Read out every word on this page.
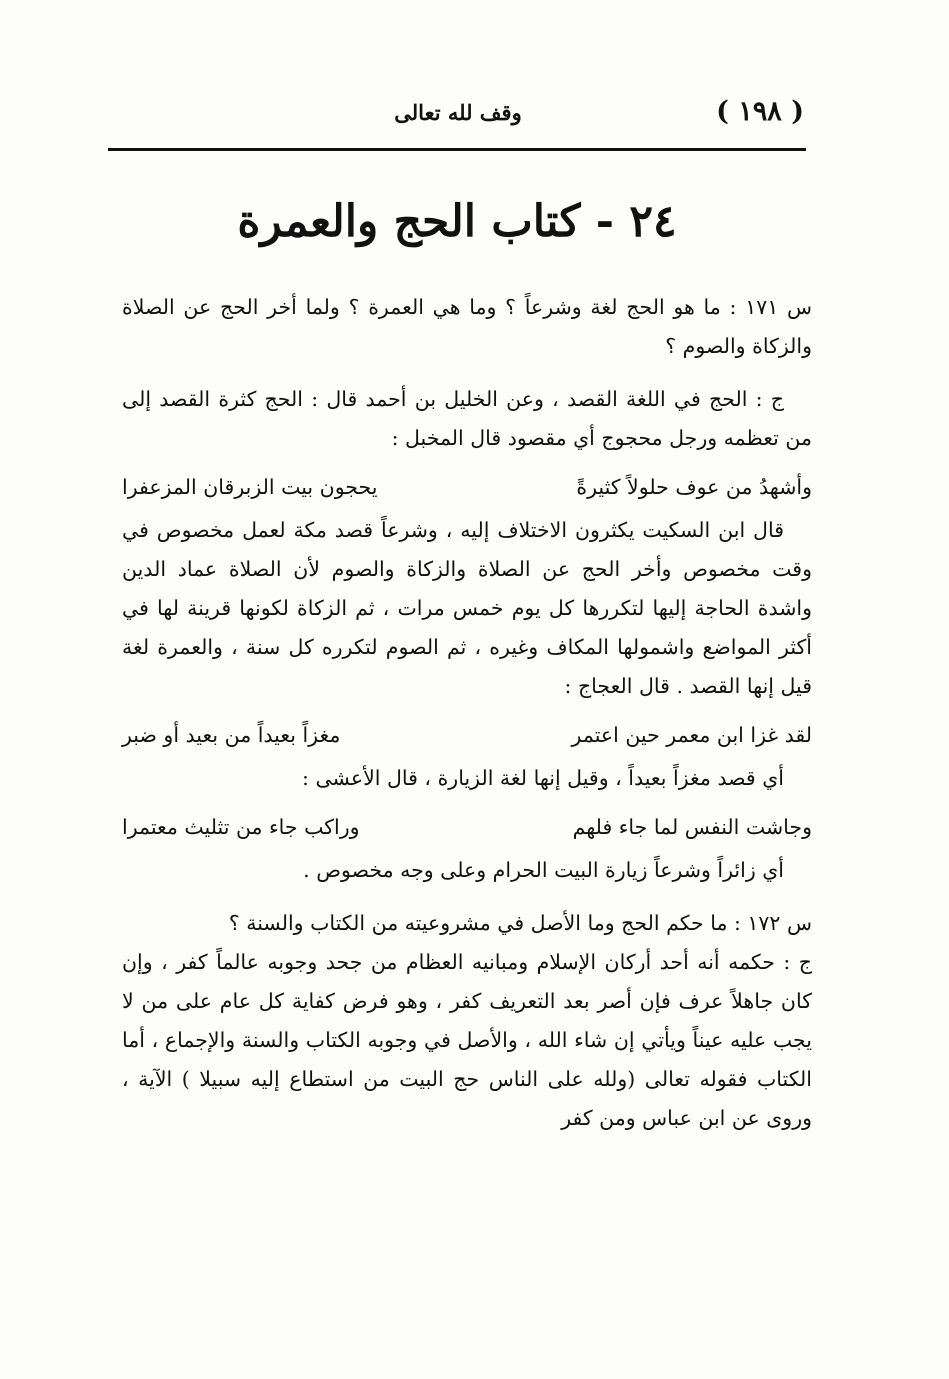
( ١٩٨ )
وقف لله تعالى
٢٤ - كتاب الحج والعمرة

س ١٧١ : ما هو الحج لغة وشرعاً ؟ وما هي العمرة ؟ ولما أخر الحج عن الصلاة والزكاة والصوم ؟

ج : الحج في اللغة القصد ، وعن الخليل بن أحمد قال : الحج كثرة القصد إلى من تعظمه ورجل محجوج أي مقصود قال المخبل :

وأشهدُ من عوف حلولاً كثيرةً
يحجون بيت الزبرقان المزعفرا

قال ابن السكيت يكثرون الاختلاف إليه ، وشرعاً قصد مكة لعمل مخصوص في وقت مخصوص وأخر الحج عن الصلاة والزكاة والصوم لأن الصلاة عماد الدين واشدة الحاجة إليها لتكررها كل يوم خمس مرات ، ثم الزكاة لكونها قرينة لها في أكثر المواضع واشمولها المكاف وغيره ، ثم الصوم لتكرره كل سنة ، والعمرة لغة قيل إنها القصد . قال العجاج :

لقد غزا ابن معمر حين اعتمر
مغزاً بعيداً من بعيد أو ضبر

أي قصد مغزاً بعيداً ، وقيل إنها لغة الزيارة ، قال الأعشى :

وجاشت النفس لما جاء فلهم
وراكب جاء من تثليث معتمرا

أي زائراً وشرعاً زيارة البيت الحرام وعلى وجه مخصوص .

س ١٧٢ : ما حكم الحج وما الأصل في مشروعيته من الكتاب والسنة ؟

ج : حكمه أنه أحد أركان الإسلام ومبانيه العظام من جحد وجوبه عالماً كفر ، وإن كان جاهلاً عرف فإن أصر بعد التعريف كفر ، وهو فرض كفاية كل عام على من لا يجب عليه عيناً ويأتي إن شاء الله ، والأصل في وجوبه الكتاب والسنة والإجماع ، أما الكتاب فقوله تعالى (ولله على الناس حج البيت من استطاع إليه سبيلا ) الآية ، وروى عن ابن عباس ومن كفر
